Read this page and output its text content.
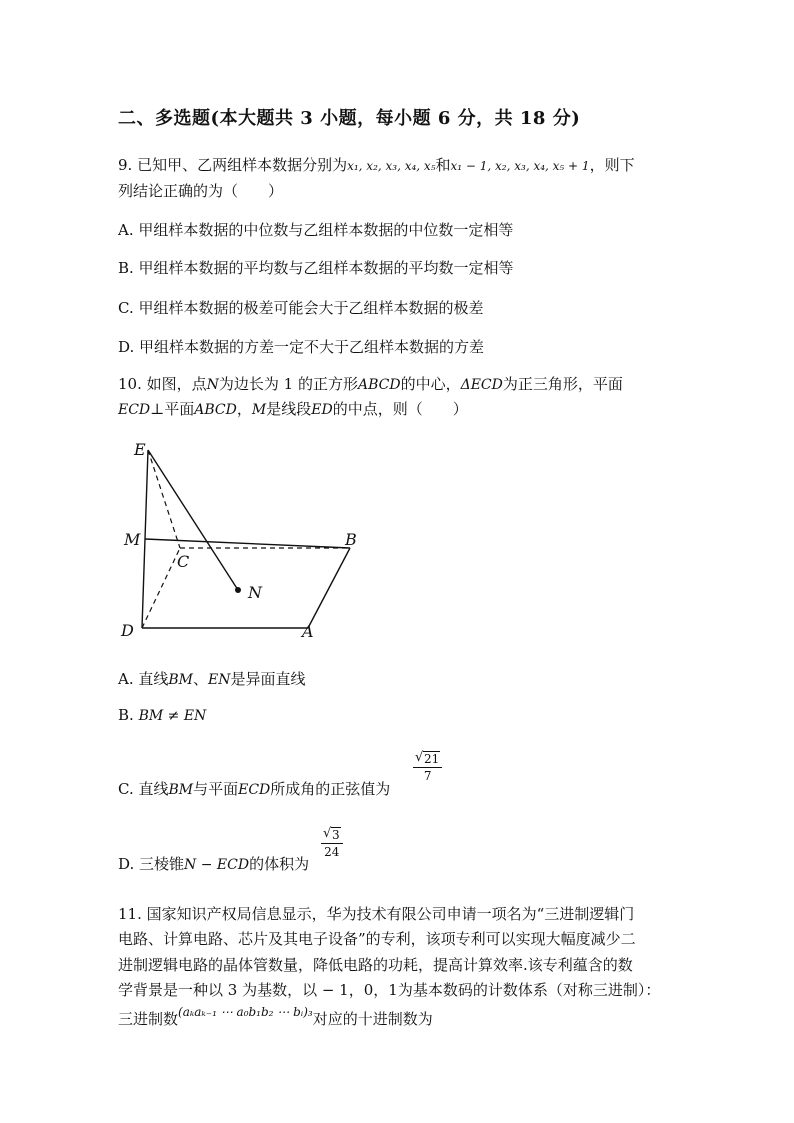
二、多选题(本大题共 3 小题，每小题 6 分，共 18 分)
9. 已知甲、乙两组样本数据分别为x₁, x₂, x₃, x₄, x₅和x₁ − 1, x₂, x₃, x₄, x₅ + 1，则下
列结论正确的为（　　）
A. 甲组样本数据的中位数与乙组样本数据的中位数一定相等
B. 甲组样本数据的平均数与乙组样本数据的平均数一定相等
C. 甲组样本数据的极差可能会大于乙组样本数据的极差
D. 甲组样本数据的方差一定不大于乙组样本数据的方差
10. 如图，点N为边长为 1 的正方形ABCD的中心，ΔECD为正三角形，平面
ECD⊥平面ABCD，M是线段ED的中点，则（　　）
E
M	B
C
N
D	A
A. 直线BM、EN是异面直线
B. BM ≠ EN
C. 直线BM与平面ECD所成角的正弦值为
√ 21
7
D. 三棱锥N − ECD的体积为
√ 3
24
11. 国家知识产权局信息显示，华为技术有限公司申请一项名为“三进制逻辑门
电路、计算电路、芯片及其电子设备”的专利，该项专利可以实现大幅度减少二
进制逻辑电路的晶体管数量，降低电路的功耗，提高计算效率.该专利蕴含的数
学背景是一种以 3 为基数，以 − 1，0，1为基本数码的计数体系（对称三进制）：
三进制数$^{(a_ka_{k-1} \cdots a_0b_1b_2 \cdots bᵢ)_3}$对应的十进制数为
